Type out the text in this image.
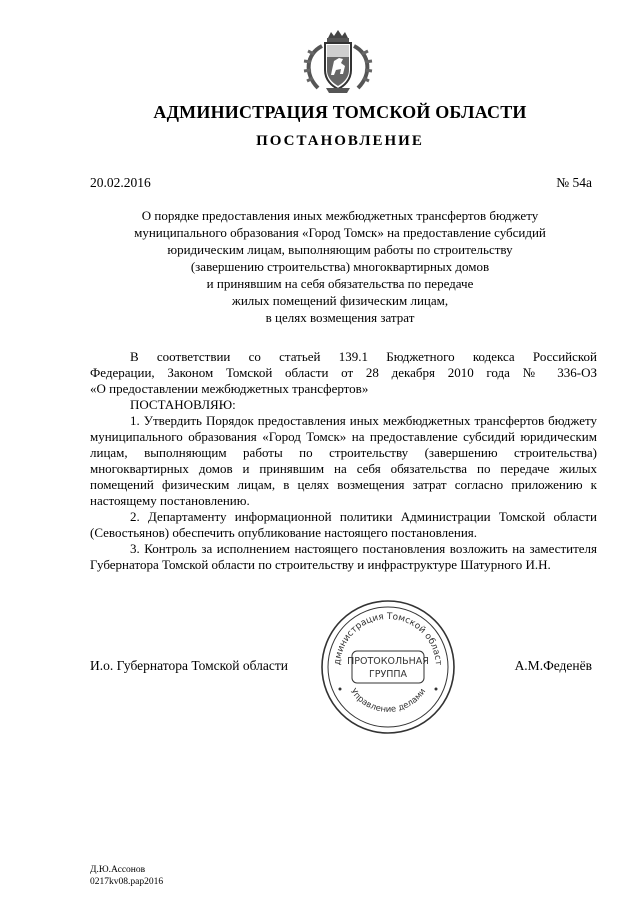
АДМИНИСТРАЦИЯ ТОМСКОЙ ОБЛАСТИ
ПОСТАНОВЛЕНИЕ
20.02.2016	№ 54а
О порядке предоставления иных межбюджетных трансфертов бюджету
муниципального образования «Город Томск» на предоставление субсидий
юридическим лицам, выполняющим работы по строительству
(завершению строительства) многоквартирных домов
и принявшим на себя обязательства по передаче
жилых помещений физическим лицам,
в целях возмещения затрат

В соответствии со статьей 139.1 Бюджетного кодекса Российской

Федерации, Законом Томской области от 28 декабря 2010 года № 336-ОЗ

«О предоставлении межбюджетных трансфертов»

ПОСТАНОВЛЯЮ:

1. Утвердить Порядок предоставления иных межбюджетных трансфертов бюджету муниципального образования «Город Томск» на предоставление субсидий юридическим лицам, выполняющим работы по строительству (завершению строительства) многоквартирных домов и принявшим на себя обязательства по передаче жилых помещений физическим лицам, в целях возмещения затрат согласно приложению к настоящему постановлению.

2. Департаменту информационной политики Администрации Томской области (Севостьянов) обеспечить опубликование настоящего постановления.

3. Контроль за исполнением настоящего постановления возложить на заместителя Губернатора Томской области по строительству и инфраструктуре Шатурного И.Н.

И.о. Губернатора Томской области	А.М.Феденёв
дминистрация Томской област
Управление делами
ПРОТОКОЛЬНАЯ
ГРУППА
Д.Ю.Ассонов
0217kv08.pap2016
